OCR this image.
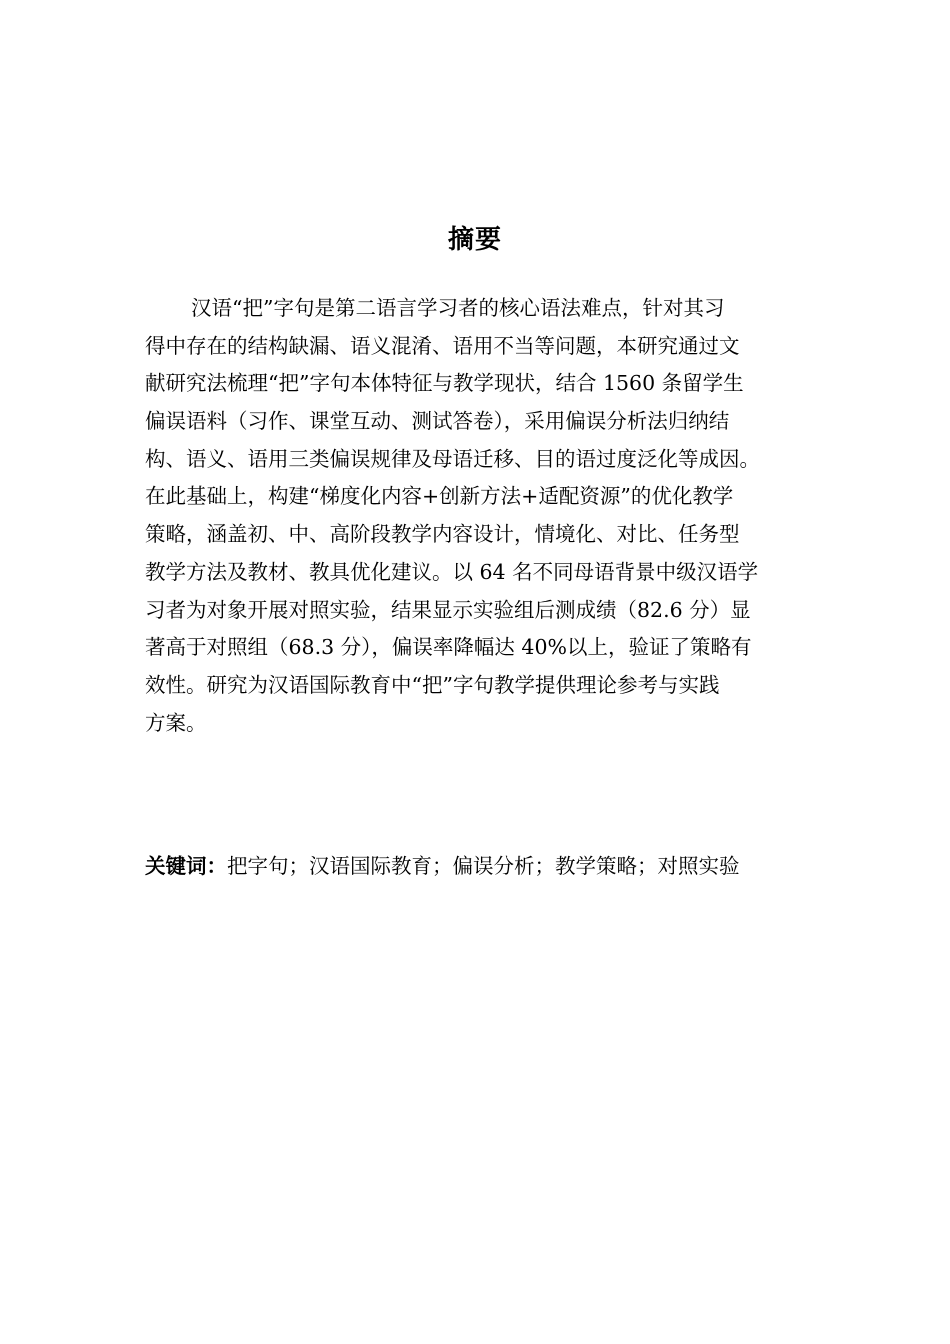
摘要
汉语“把”字句是第二语言学习者的核心语法难点，针对其习
得中存在的结构缺漏、语义混淆、语用不当等问题，本研究通过文
献研究法梳理“把”字句本体特征与教学现状，结合 1560 条留学生
偏误语料（习作、课堂互动、测试答卷），采用偏误分析法归纳结
构、语义、语用三类偏误规律及母语迁移、目的语过度泛化等成因。
在此基础上，构建“梯度化内容+创新方法+适配资源”的优化教学
策略，涵盖初、中、高阶段教学内容设计，情境化、对比、任务型
教学方法及教材、教具优化建议。以 64 名不同母语背景中级汉语学
习者为对象开展对照实验，结果显示实验组后测成绩（82.6 分）显
著高于对照组（68.3 分），偏误率降幅达 40%以上，验证了策略有
效性。研究为汉语国际教育中“把”字句教学提供理论参考与实践
方案。
关键词：把字句；汉语国际教育；偏误分析；教学策略；对照实验
